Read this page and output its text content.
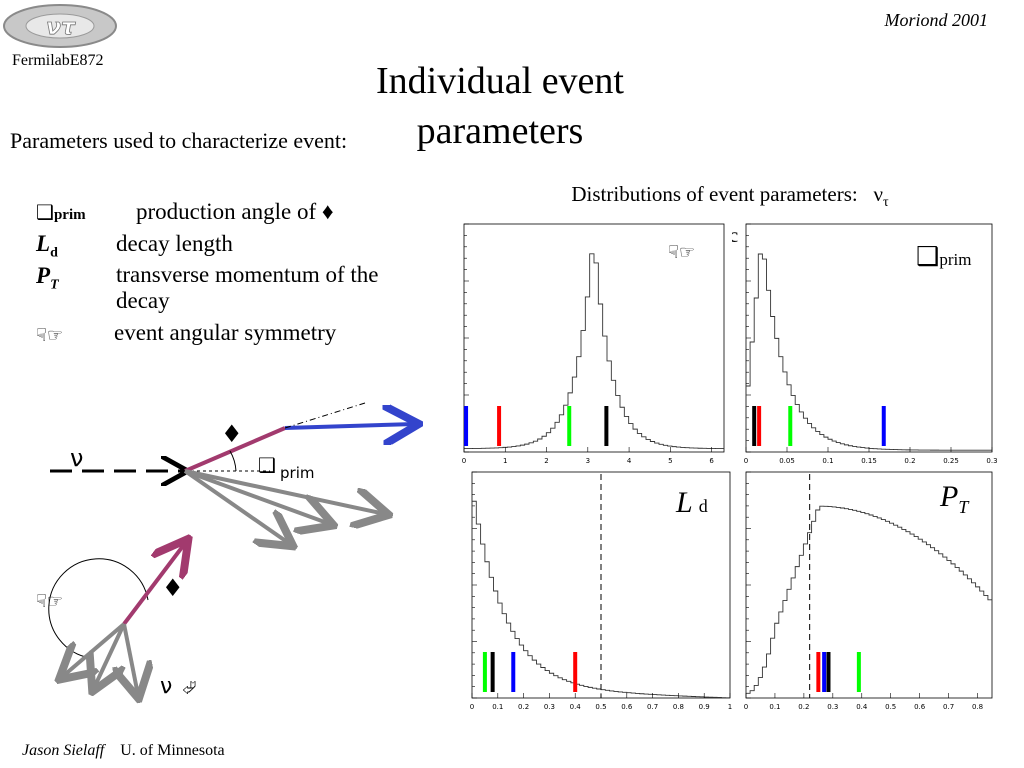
ντ
FermilabE872
Moriond 2001
Individual event parameters
Parameters used to characterize event:
Distributions of event parameters: $\nu_\tau$
interactions
❑prim production angle of ♦
$L_d$	decay length
$P_T$ transverse momentum of the decay
☟☞ event angular symmetry
ν
♦
❑ prim
☟☞	♦
ν ⮰
0	1	2	3	4	5	6	0	0.05	0.1	0.15	0.2	0.25	0.3
0	0.1 0.2 0.3 0.4 0.5 0.6 0.7 0.8 0.9	1 0	0.1	0.2	0.3	0.4	0.5	0.6	0.7	0.8
☟☞	❑prim
Ld	$P_T$
Jason Sielaff U. of Minnesota
